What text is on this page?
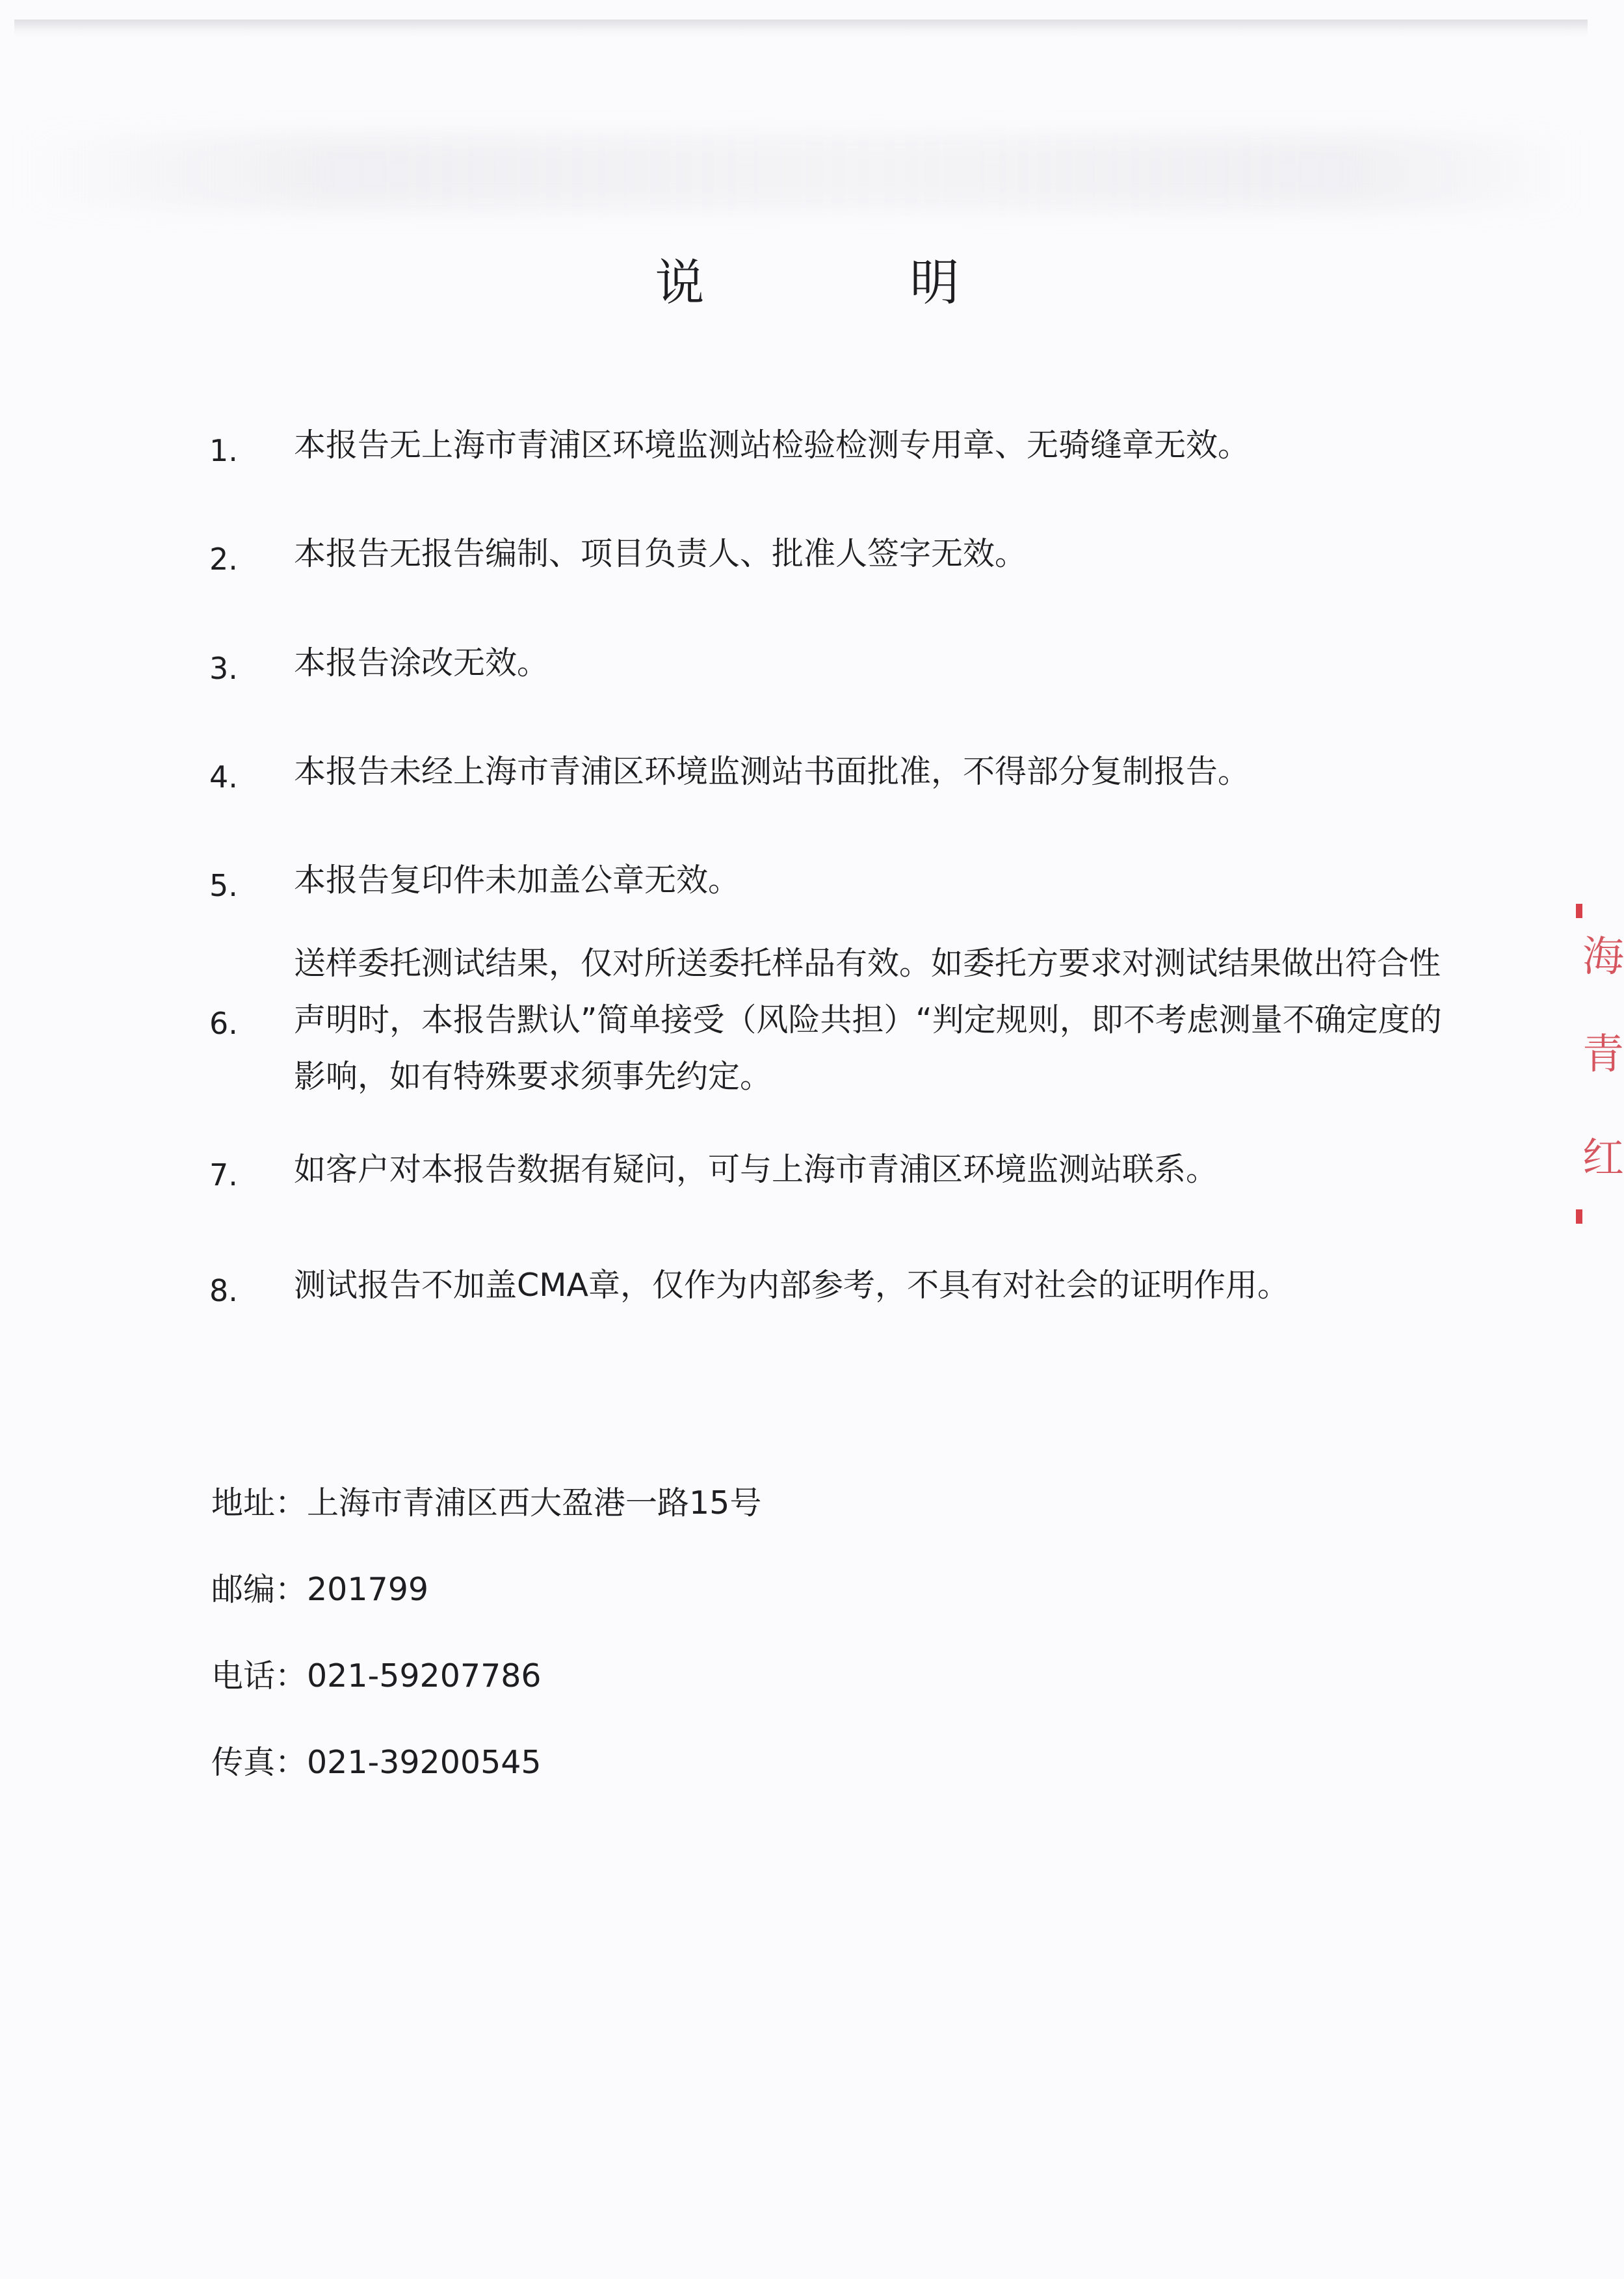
说　明
1. 本报告无上海市青浦区环境监测站检验检测专用章、无骑缝章无效。
2. 本报告无报告编制、项目负责人、批准人签字无效。
3. 本报告涂改无效。
4. 本报告未经上海市青浦区环境监测站书面批准，不得部分复制报告。
5. 本报告复印件未加盖公章无效。
6.
送样委托测试结果，仅对所送委托样品有效。如委托方要求对测试结果做出符合性声明时，本报告默认”简单接受（风险共担）“判定规则，即不考虑测量不确定度的影响，如有特殊要求须事先约定。
7. 如客户对本报告数据有疑问，可与上海市青浦区环境监测站联系。
8. 测试报告不加盖CMA章，仅作为内部参考，不具有对社会的证明作用。
地址：上海市青浦区西大盈港一路15号
邮编：201799
电话：021-59207786
传真：021-39200545
海
青
红
